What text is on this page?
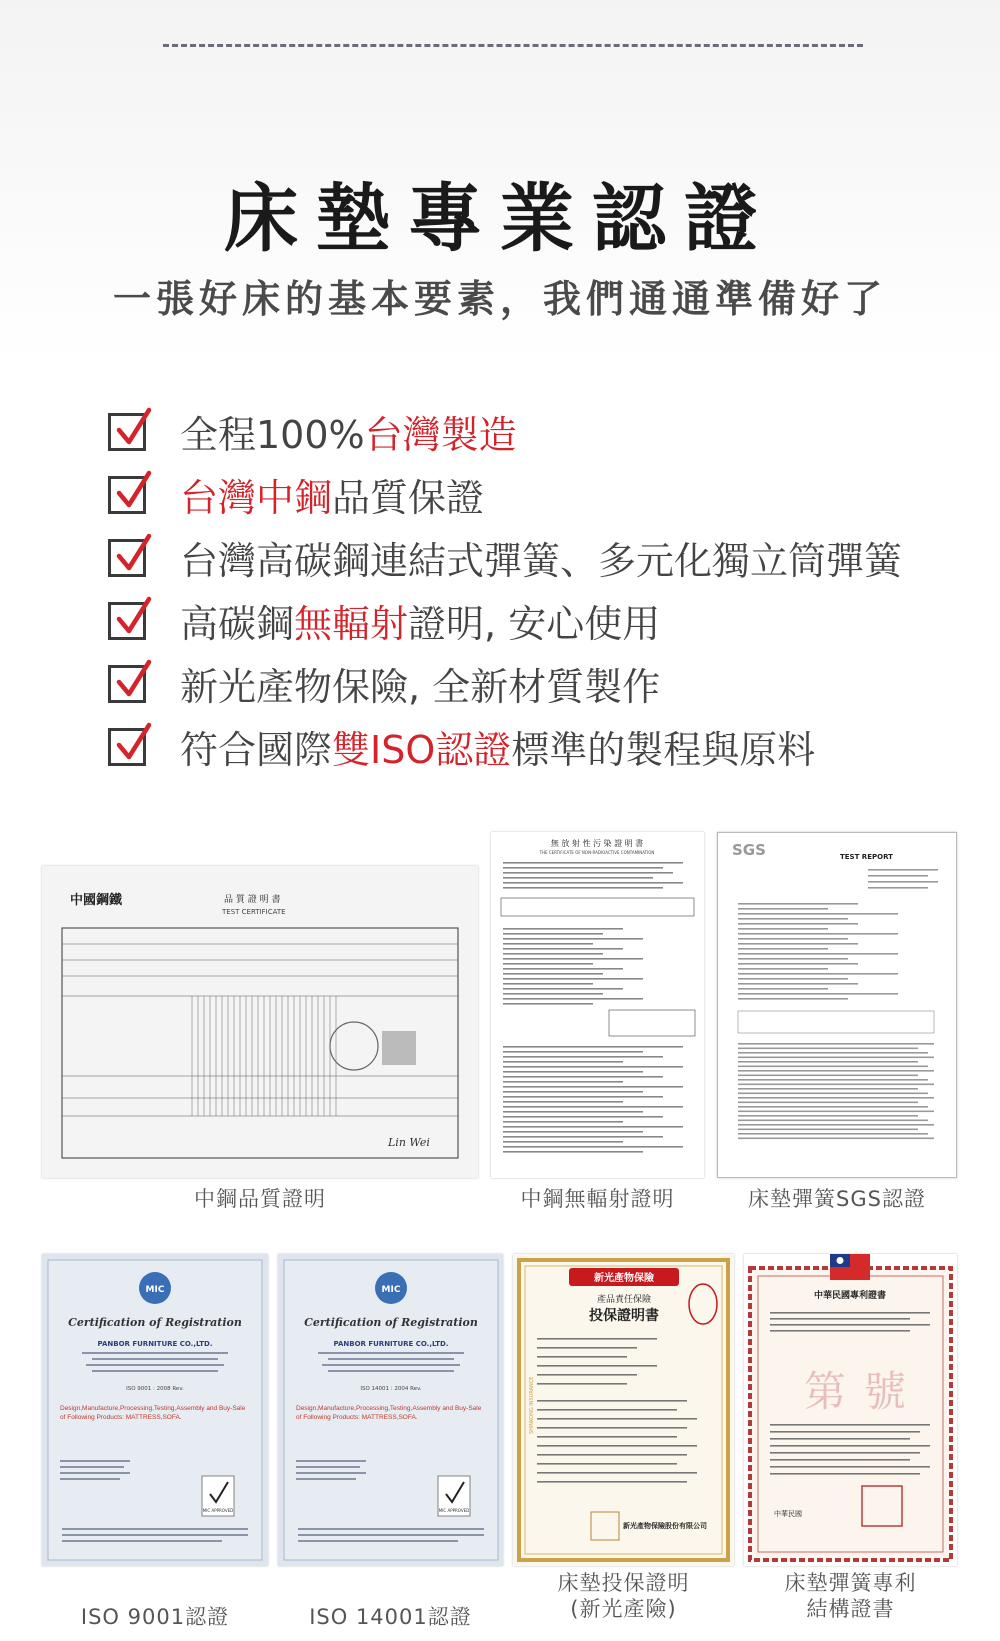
床墊專業認證
一張好床的基本要素，我們通通準備好了
全程100%台灣製造
台灣中鋼品質保證
台灣高碳鋼連結式彈簧、多元化獨立筒彈簧
高碳鋼無輻射證明, 安心使用
新光產物保險, 全新材質製作
符合國際雙ISO認證標準的製程與原料
中國鋼鐵	品 質 證 明 書
TEST CERTIFICATE
Lin Wei
無 放 射 性 污 染 證 明 書
THE CERTIFICATE OF NON-RADIOACTIVE CONTAMINATION	SGS	TEST REPORT
中鋼品質證明	中鋼無輻射證明	床墊彈簧SGS認證
MIC
Certification of Registration
PANBOR FURNITURE CO.,LTD.
ISO 9001 : 2008 Rev.
Design,Manufacture,Processing,Testing,Assembly and Buy-Sale of Following Products: MATTRESS,SOFA.
MIC APPROVED
MIC
Certification of Registration
PANBOR FURNITURE CO.,LTD.
ISO 14001 : 2004 Rev.
Design,Manufacture,Processing,Testing,Assembly and Buy-Sale of Following Products: MATTRESS,SOFA.
MIC APPROVED
新光產物保險
產品責任保險
投保證明書
新光產物保險股份有限公司
SHINKONG INSURANCE
中華民國專利證書
第 號
中華民國
ISO 9001認證	ISO 14001認證
床墊投保證明
(新光產險)
床墊彈簧專利
結構證書
